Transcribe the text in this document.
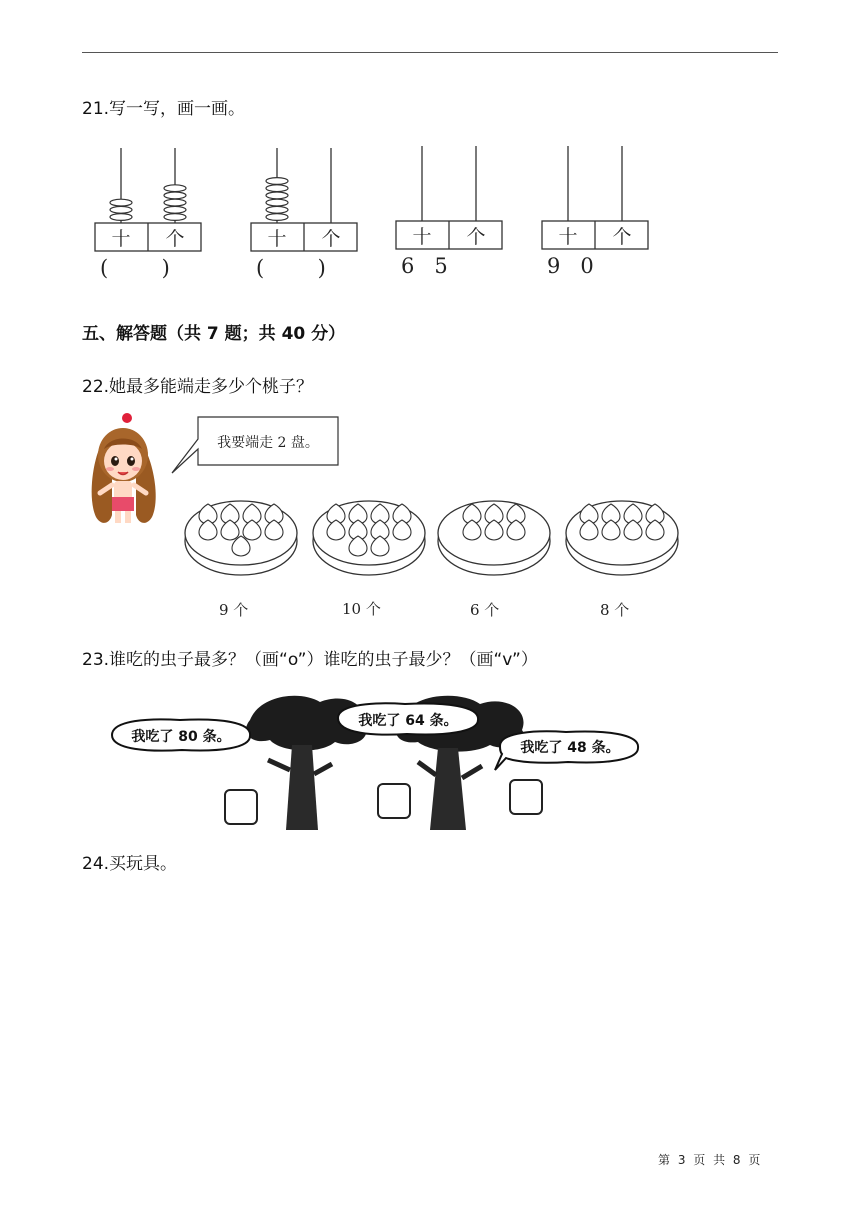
21.写一写，画一画。
十 个
(        )
十 个
(        )
十 个
6   5
十 个
9   0
五、解答题（共 7 题；共 40 分）
22.她最多能端走多少个桃子？
我要端走 2 盘。
9 个	10 个	6 个	8 个
23.谁吃的虫子最多？（画“o”）谁吃的虫子最少？（画“v”）
我吃了 80 条。
我吃了 64 条。
我吃了 48 条。
24.买玩具。
第 3 页 共 8 页
